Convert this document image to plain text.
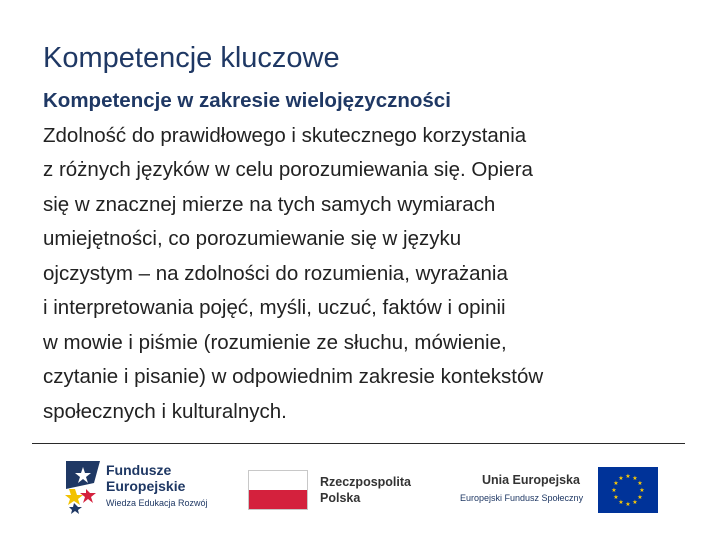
Kompetencje kluczowe
Kompetencje w zakresie wielojęzyczności
Zdolność do prawidłowego i skutecznego korzystania
z różnych języków w celu porozumiewania się. Opiera
się w znacznej mierze na tych samych wymiarach
umiejętności, co porozumiewanie się w języku
ojczystym – na zdolności do rozumienia, wyrażania
i interpretowania pojęć, myśli, uczuć, faktów i opinii
w mowie i piśmie (rozumienie ze słuchu, mówienie,
czytanie i pisanie) w odpowiednim zakresie kontekstów
społecznych i kulturalnych.
Fundusze
Europejskie
Wiedza Edukacja Rozwój
Rzeczpospolita
Polska
Unia Europejska
Europejski Fundusz Społeczny
★ ★
★
★
★
★
★
★
★
★
★
★
